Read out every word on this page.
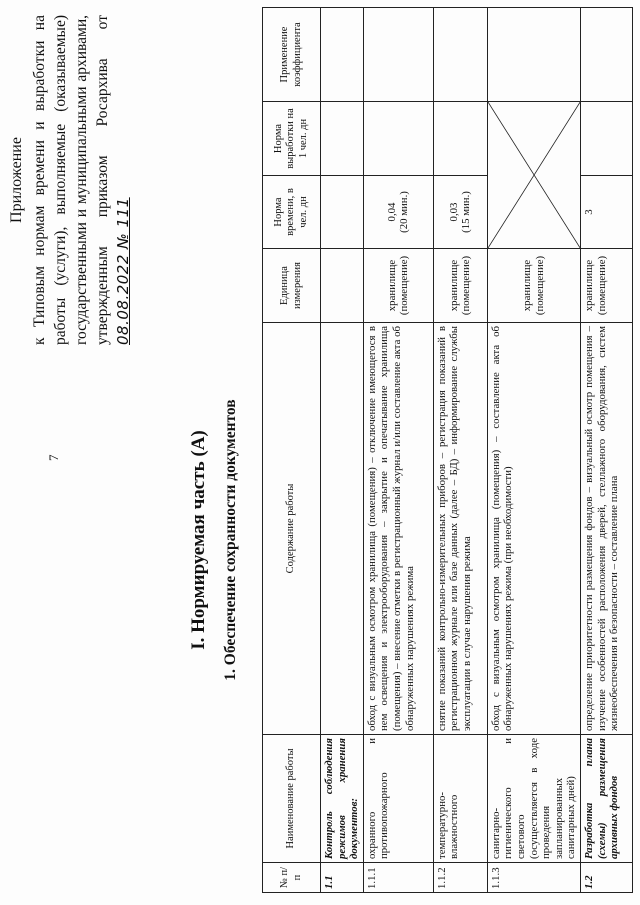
7
Приложение к Типовым нормам времени и выработки на работы (услуги), выполняемые (оказываемые) государственными и муниципальными архивами, утвержденным приказом Росархива от 08.08.2022 № 111
I. Нормируемая часть (А) 1. Обеспечение сохранности документов
№ п/п	Наименование работы	Содержание работы	Единица измерения	Норма времени, в чел. дн	Норма выработки на 1 чел. дн	Применение коэффициента
1.1	Контроль соблюдения режимов хранения документов:					
1.1.1	охранного и противопожарного	обход с визуальным осмотром хранилища (помещения) – отключение имеющегося в нем освещения и электрооборудования – закрытие и опечатывание хранилища (помещения) – внесение отметки в регистрационный журнал и/или составление акта об обнаруженных нарушениях режима	хранилище (помещение)	0,04 (20 мин.)		

1.1.2	температурно-влажностного	снятие показаний контрольно-измерительных приборов – регистрация показаний в регистрационном журнале или базе данных (далее – БД) – информирование службы эксплуатации в случае нарушения режима	хранилище (помещение)	0,03 (15 мин.)		

1.1.3	санитарно-гигиенического и светового (осуществляется в ходе проведения запланированных санитарных дней)	обход с визуальным осмотром хранилища (помещения) – составление акта об обнаруженных нарушениях режима (при необходимости)	хранилище (помещение)	

1.2	Разработка плана (схемы) размещения архивных фондов	определение приоритетности размещения фондов – визуальный осмотр помещения – изучение особенностей расположения дверей, стеллажного оборудования, систем жизнеобеспечения и безопасности – составление плана	хранилище (помещение)	3		
